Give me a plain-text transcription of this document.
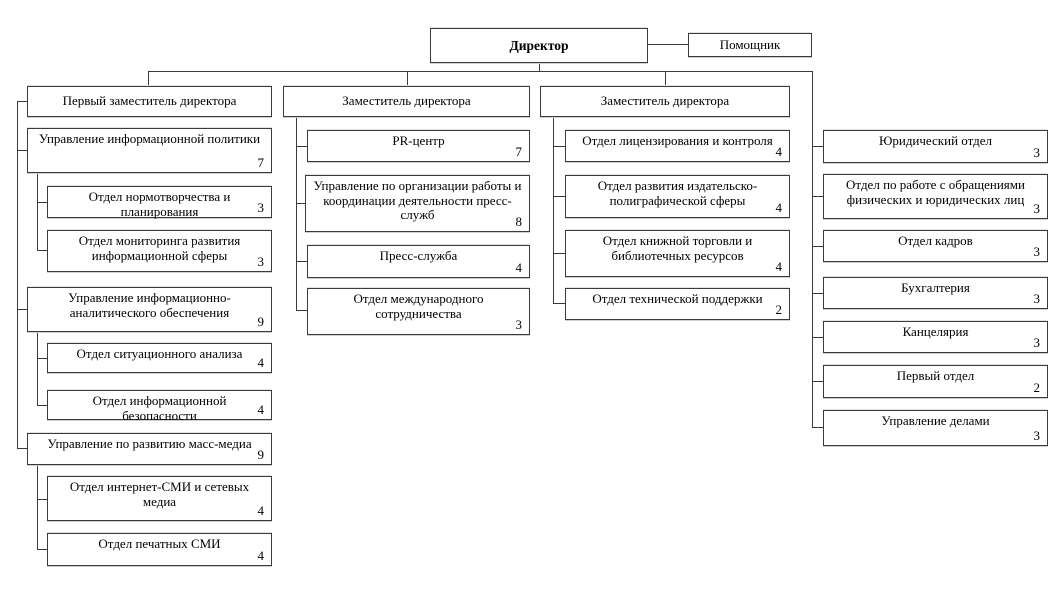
Директор	Помощник
Первый заместитель директора
Управление информационной политики
7
Отдел нормотворчества и планирования	3
Отдел мониторинга развития информационной сферы	3
Управление информационно-аналитического обеспечения
9
Отдел ситуационного анализа
4
Отдел информационной безопасности	4
Управление по развитию масс-медиа
9
Отдел интернет-СМИ и сетевых медиа
4
Отдел печатных СМИ
4
Заместитель директора
PR-центр
7
Управление по организации работы и координации деятельности пресс-служб	8
Пресс-служба
4
Отдел международного сотрудничества
3
Заместитель директора
Отдел лицензирования и контроля
4
Отдел развития издательско-полиграфической сферы
4
Отдел книжной торговли и библиотечных ресурсов
4
Отдел технической поддержки
2
Юридический отдел
3
Отдел по работе с обращениями физических и юридических лиц
3
Отдел кадров
3
Бухгалтерия
3
Канцелярия
3
Первый отдел
2
Управление делами
3
